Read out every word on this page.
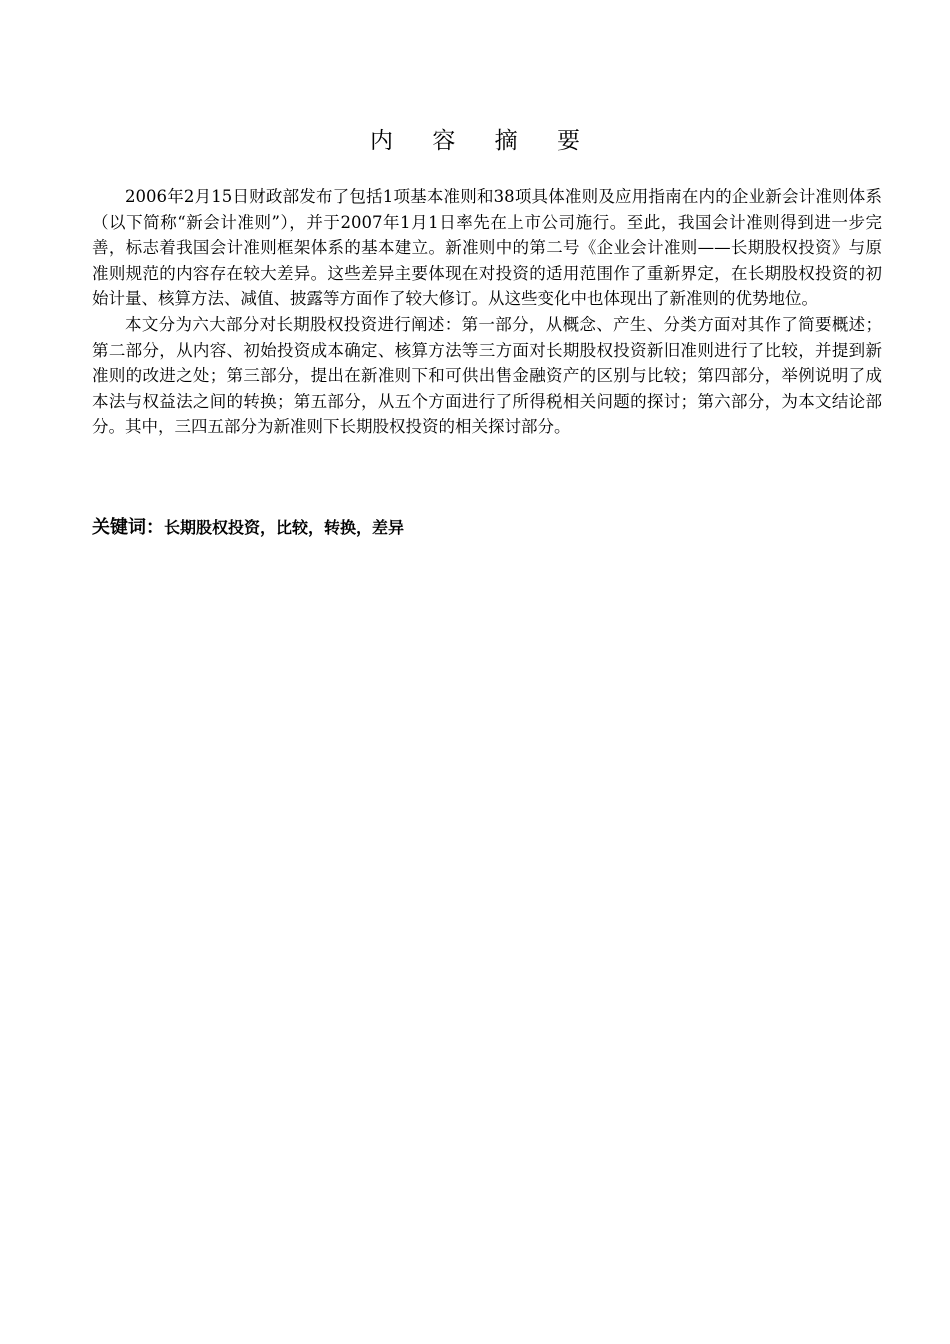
内 容 摘 要

2006年2月15日财政部发布了包括1项基本准则和38项具体准则及应用指南在内的企业新会计准则体系（以下简称“新会计准则”），并于2007年1月1日率先在上市公司施行。至此，我国会计准则得到进一步完善，标志着我国会计准则框架体系的基本建立。新准则中的第二号《企业会计准则——长期股权投资》与原准则规范的内容存在较大差异。这些差异主要体现在对投资的适用范围作了重新界定，在长期股权投资的初始计量、核算方法、减值、披露等方面作了较大修订。从这些变化中也体现出了新准则的优势地位。

本文分为六大部分对长期股权投资进行阐述：第一部分，从概念、产生、分类方面对其作了简要概述；第二部分，从内容、初始投资成本确定、核算方法等三方面对长期股权投资新旧准则进行了比较，并提到新准则的改进之处；第三部分，提出在新准则下和可供出售金融资产的区别与比较；第四部分，举例说明了成本法与权益法之间的转换；第五部分，从五个方面进行了所得税相关问题的探讨；第六部分，为本文结论部分。其中，三四五部分为新准则下长期股权投资的相关探讨部分。

关键词：长期股权投资，比较，转换，差异
